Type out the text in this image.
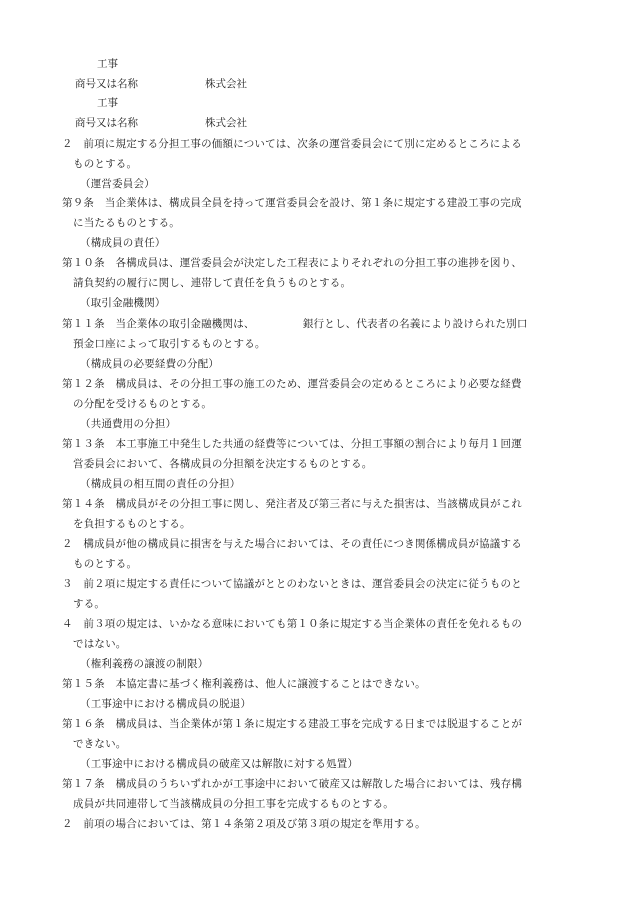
工事
商号又は名称	株式会社
工事
商号又は名称	株式会社
２　前項に規定する分担工事の価額については、次条の運営委員会にて別に定めるところによる
ものとする。
（運営委員会）
第９条　当企業体は、構成員全員を持って運営委員会を設け、第１条に規定する建設工事の完成
に当たるものとする。
（構成員の責任）
第１０条　各構成員は、運営委員会が決定した工程表によりそれぞれの分担工事の進捗を図り、
請負契約の履行に関し、連帯して責任を負うものとする。
（取引金融機関）
第１１条　当企業体の取引金融機関は、　　　　　銀行とし、代表者の名義により設けられた別口
預金口座によって取引するものとする。
（構成員の必要経費の分配）
第１２条　構成員は、その分担工事の施工のため、運営委員会の定めるところにより必要な経費
の分配を受けるものとする。
（共通費用の分担）
第１３条　本工事施工中発生した共通の経費等については、分担工事額の割合により毎月１回運
営委員会において、各構成員の分担額を決定するものとする。
（構成員の相互間の責任の分担）
第１４条　構成員がその分担工事に関し、発注者及び第三者に与えた損害は、当該構成員がこれ
を負担するものとする。
２　構成員が他の構成員に損害を与えた場合においては、その責任につき関係構成員が協議する
ものとする。
３　前２項に規定する責任について協議がととのわないときは、運営委員会の決定に従うものと
する。
４　前３項の規定は、いかなる意味においても第１０条に規定する当企業体の責任を免れるもの
ではない。
（権利義務の譲渡の制限）
第１５条　本協定書に基づく権利義務は、他人に譲渡することはできない。
（工事途中における構成員の脱退）
第１６条　構成員は、当企業体が第１条に規定する建設工事を完成する日までは脱退することが
できない。
（工事途中における構成員の破産又は解散に対する処置）
第１７条　構成員のうちいずれかが工事途中において破産又は解散した場合においては、残存構
成員が共同連帯して当該構成員の分担工事を完成するものとする。
２　前項の場合においては、第１４条第２項及び第３項の規定を準用する。
